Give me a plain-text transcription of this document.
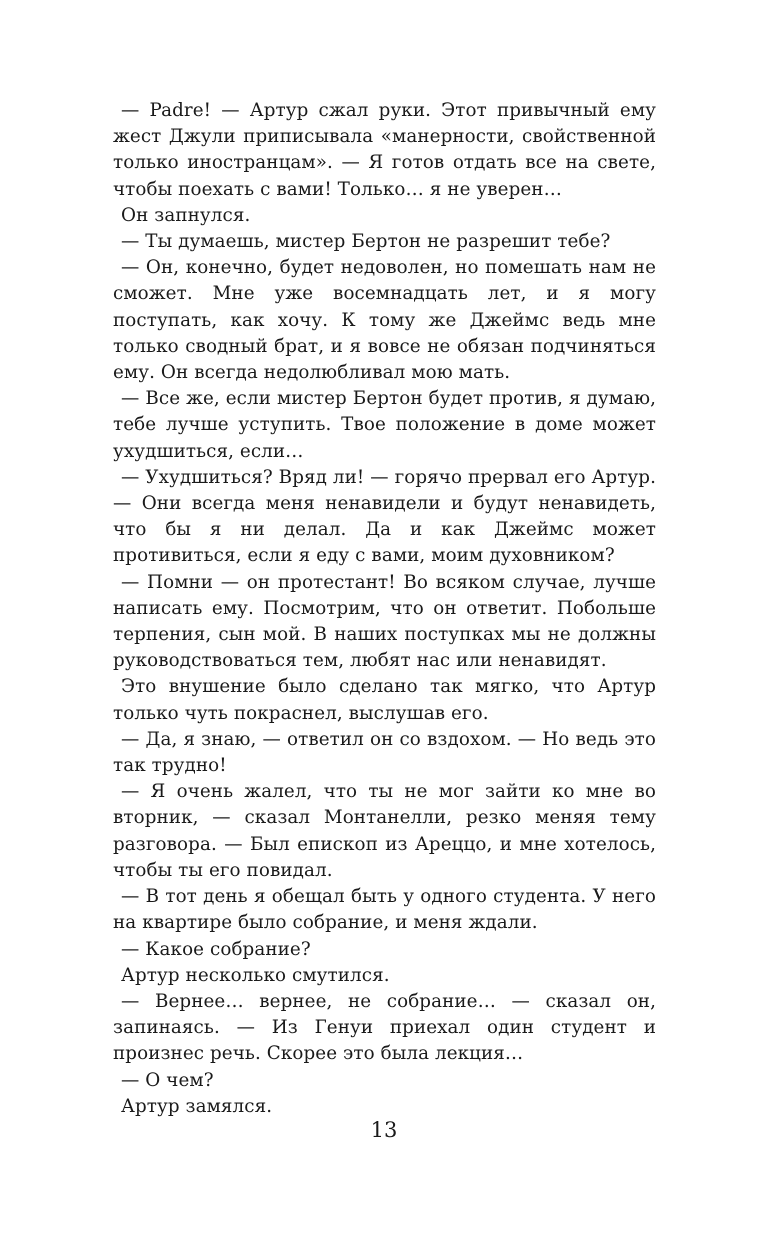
— Padre! — Артур сжал руки. Этот привычный ему жест Джули приписывала «манерности, свойственной только иностранцам». — Я готов отдать все на свете, чтобы поехать с вами! Только… я не уверен…

Он запнулся.

— Ты думаешь, мистер Бертон не разрешит тебе?

— Он, конечно, будет недоволен, но помешать нам не сможет. Мне уже восемнадцать лет, и я могу поступать, как хочу. К тому же Джеймс ведь мне только сводный брат, и я вовсе не обязан подчиняться ему. Он всегда недолюбливал мою мать.

— Все же, если мистер Бертон будет против, я думаю, тебе лучше уступить. Твое положение в доме может ухудшиться, если…

— Ухудшиться? Вряд ли! — горячо прервал его Артур. — Они всегда меня ненавидели и будут ненавидеть, что бы я ни делал. Да и как Джеймс может противиться, если я еду с вами, моим духовником?

— Помни — он протестант! Во всяком случае, лучше написать ему. Посмотрим, что он ответит. Побольше терпения, сын мой. В наших поступках мы не должны руководствоваться тем, любят нас или ненавидят.

Это внушение было сделано так мягко, что Артур только чуть покраснел, выслушав его.

— Да, я знаю, — ответил он со вздохом. — Но ведь это так трудно!

— Я очень жалел, что ты не мог зайти ко мне во вторник, — сказал Монтанелли, резко меняя тему разговора. — Был епископ из Ареццо, и мне хотелось, чтобы ты его повидал.

— В тот день я обещал быть у одного студента. У него на квартире было собрание, и меня ждали.

— Какое собрание?

Артур несколько смутился.

— Вернее… вернее, не собрание… — сказал он, запинаясь. — Из Генуи приехал один студент и произнес речь. Скорее это была лекция…

— О чем?

Артур замялся.

13
